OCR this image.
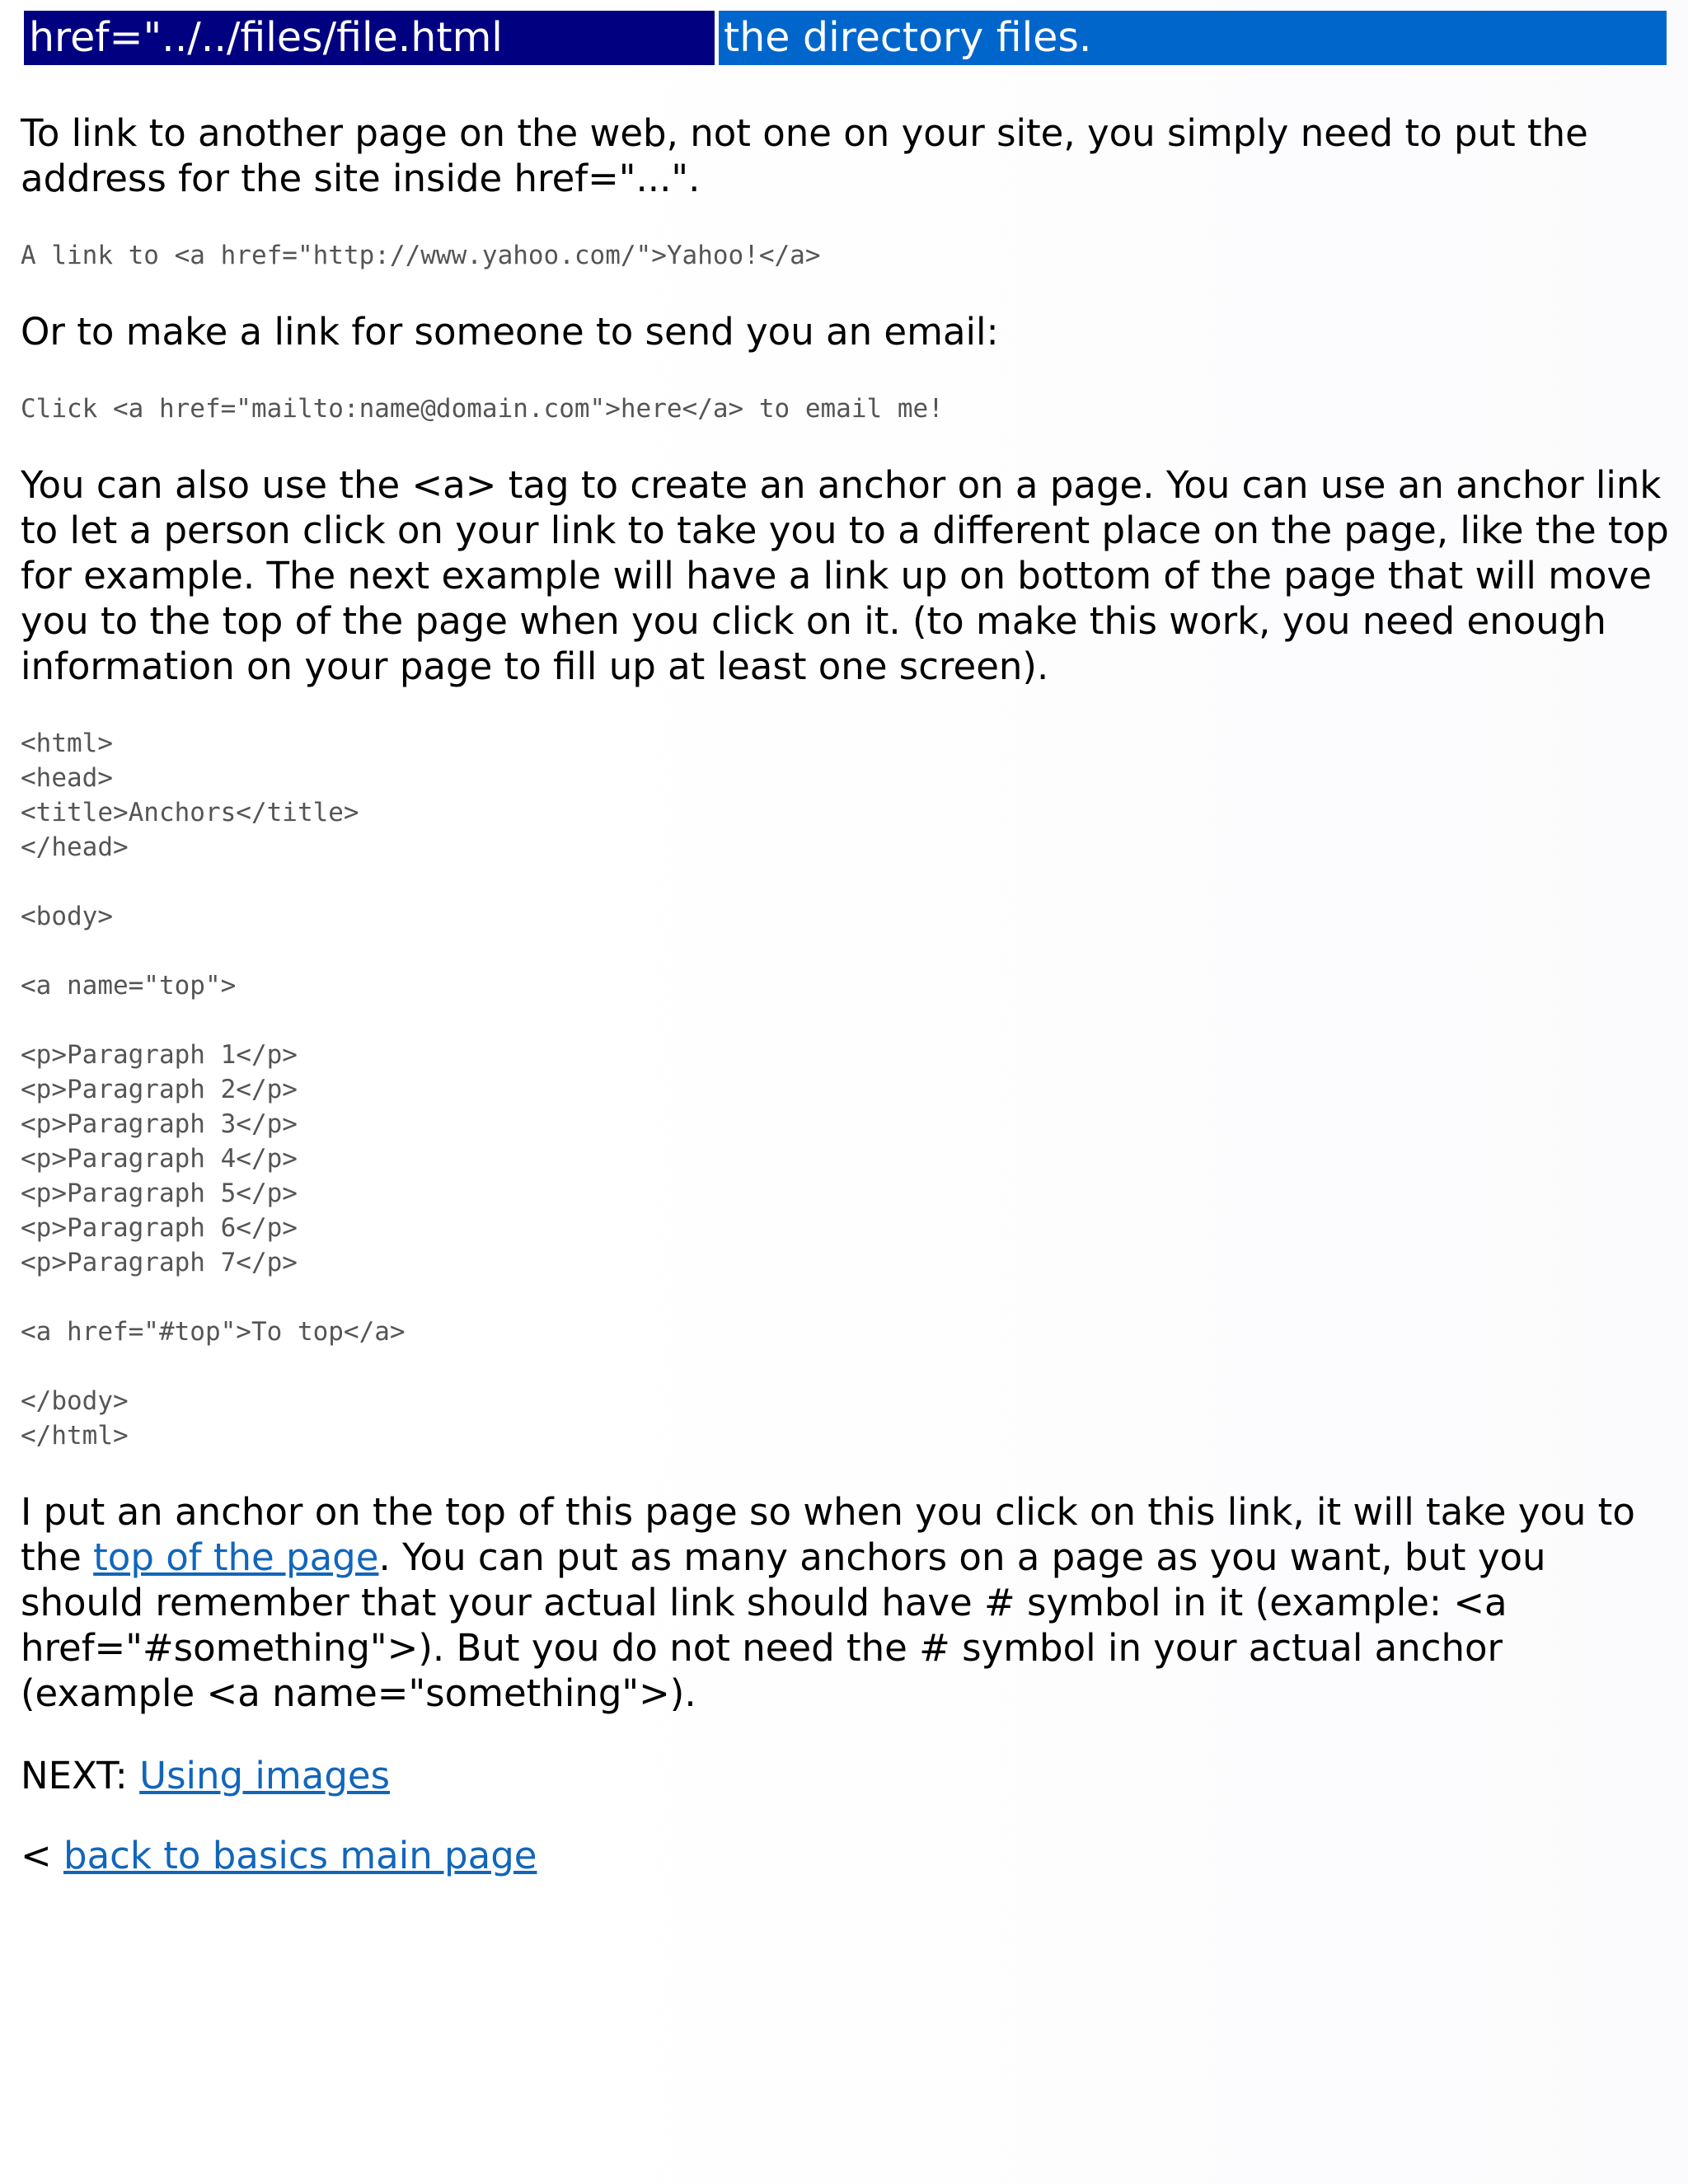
href="../../files/file.html	the directory files.

To link to another page on the web, not one on your site, you simply need to put the address for the site inside href="...".

A link to <a href="http://www.yahoo.com/">Yahoo!</a>

Or to make a link for someone to send you an email:

Click <a href="mailto:name@domain.com">here</a> to email me!

You can also use the <a> tag to create an anchor on a page. You can use an anchor link to let a person click on your link to take you to a different place on the page, like the top for example. The next example will have a link up on bottom of the page that will move you to the top of the page when you click on it. (to make this work, you need enough information on your page to fill up at least one screen).

<html>
<head>
<title>Anchors</title>
</head>

<body>

<a name="top">

<p>Paragraph 1</p>
<p>Paragraph 2</p>
<p>Paragraph 3</p>
<p>Paragraph 4</p>
<p>Paragraph 5</p>
<p>Paragraph 6</p>
<p>Paragraph 7</p>

<a href="#top">To top</a>

</body>
</html>

I put an anchor on the top of this page so when you click on this link, it will take you to the top of the page. You can put as many anchors on a page as you want, but you should remember that your actual link should have # symbol in it (example: <a href="#something">). But you do not need the # symbol in your actual anchor (example <a name="something">).

NEXT: Using images
< back to basics main page
